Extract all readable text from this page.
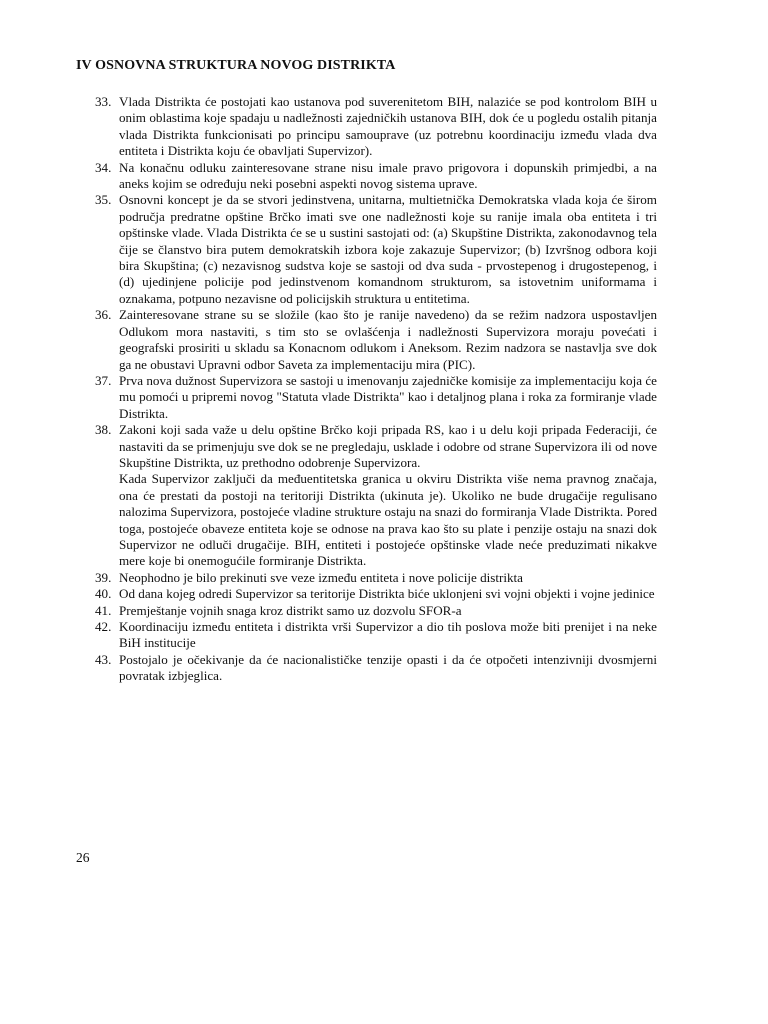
IV OSNOVNA STRUKTURA NOVOG DISTRIKTA
33. Vlada Distrikta će postojati kao ustanova pod suverenitetom BIH, nalaziće se pod kontrolom BIH u onim oblastima koje spadaju u nadležnosti zajedničkih ustanova BIH, dok će u pogledu ostalih pitanja vlada Distrikta funkcionisati po principu samouprave (uz potrebnu koordinaciju između vlada dva entiteta i Distrikta koju će obavljati Supervizor).

34. Na konačnu odluku zainteresovane strane nisu imale pravo prigovora i dopunskih primjedbi, a na aneks kojim se određuju neki posebni aspekti novog sistema uprave.

35. Osnovni koncept je da se stvori jedinstvena, unitarna, multietnička Demokratska vlada koja će širom područja predratne opštine Brčko imati sve one nadležnosti koje su ranije imala oba entiteta i tri opštinske vlade. Vlada Distrikta će se u sustini sastojati od: (a) Skupštine Distrikta, zakonodavnog tela čije se članstvo bira putem demokratskih izbora koje zakazuje Supervizor; (b) Izvršnog odbora koji bira Skupština; (c) nezavisnog sudstva koje se sastoji od dva suda - prvostepenog i drugostepenog, i (d) ujedinjene policije pod jedinstvenom komandnom strukturom, sa istovetnim uniformama i oznakama, potpuno nezavisne od policijskih struktura u entitetima.

36. Zainteresovane strane su se složile (kao što je ranije navedeno) da se režim nadzora uspostavljen Odlukom mora nastaviti, s tim sto se ovlašćenja i nadležnosti Supervizora moraju povećati i geografski prosiriti u skladu sa Konacnom odlukom i Aneksom. Rezim nadzora se nastavlja sve dok ga ne obustavi Upravni odbor Saveta za implementaciju mira (PIC).

37. Prva nova dužnost Supervizora se sastoji u imenovanju zajedničke komisije za implementaciju koja će mu pomoći u pripremi novog "Statuta vlade Distrikta" kao i detaljnog plana i roka za formiranje vlade Distrikta.

38. Zakoni koji sada važe u delu opštine Brčko koji pripada RS, kao i u delu koji pripada Federaciji, će nastaviti da se primenjuju sve dok se ne pregledaju, usklade i odobre od strane Supervizora ili od nove Skupštine Distrikta, uz prethodno odobrenje Supervizora.

Kada Supervizor zaključi da međuentitetska granica u okviru Distrikta više nema pravnog značaja, ona će prestati da postoji na teritoriji Distrikta (ukinuta je). Ukoliko ne bude drugačije regulisano nalozima Supervizora, postojeće vladine strukture ostaju na snazi do formiranja Vlade Distrikta. Pored toga, postojeće obaveze entiteta koje se odnose na prava kao što su plate i penzije ostaju na snazi dok Supervizor ne odluči drugačije. BIH, entiteti i postojeće opštinske vlade neće preduzimati nikakve mere koje bi onemogućile formiranje Distrikta.

39. Neophodno je bilo prekinuti sve veze između entiteta i nove policije distrikta

40. Od dana kojeg odredi Supervizor sa teritorije Distrikta biće uklonjeni svi vojni objekti i vojne jedinice

41. Premještanje vojnih snaga kroz distrikt samo uz dozvolu SFOR-a

42. Koordinaciju između entiteta i distrikta vrši Supervizor a dio tih poslova može biti prenijet i na neke BiH institucije

43. Postojalo je očekivanje da će nacionalističke tenzije opasti i da će otpočeti intenzivniji dvosmjerni povratak izbjeglica.

26
